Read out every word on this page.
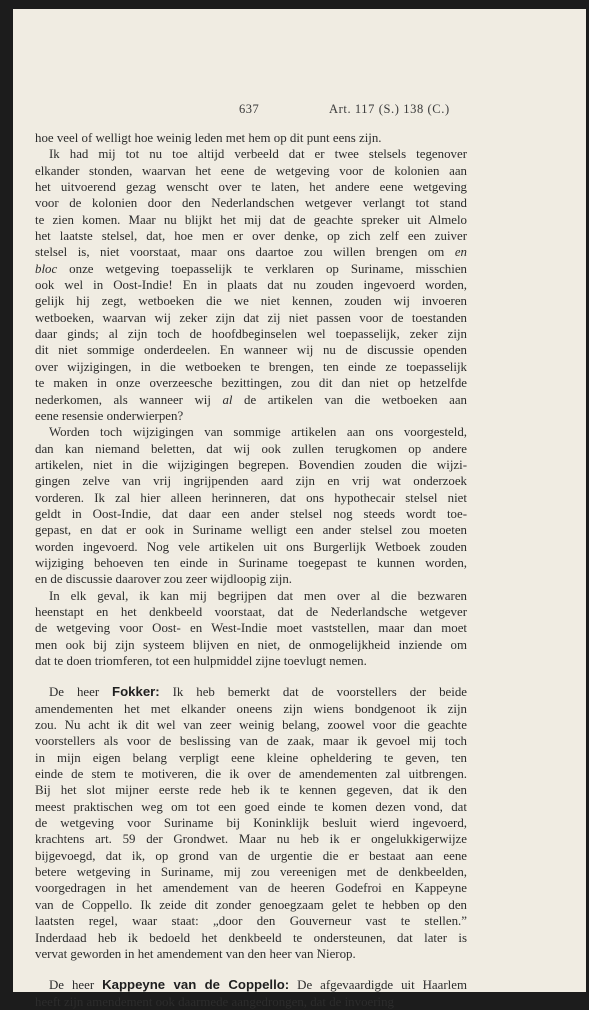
637	Art. 117 (S.) 138 (C.)
hoe veel of welligt hoe weinig leden met hem op dit punt eens zijn.
Ik had mij tot nu toe altijd verbeeld dat er twee stelsels tegenover
elkander stonden, waarvan het eene de wetgeving voor de kolonien aan
het uitvoerend gezag wenscht over te laten, het andere eene wetgeving
voor de kolonien door den Nederlandschen wetgever verlangt tot stand
te zien komen. Maar nu blijkt het mij dat de geachte spreker uit Almelo
het laatste stelsel, dat, hoe men er over denke, op zich zelf een zuiver
stelsel is, niet voorstaat, maar ons daartoe zou willen brengen om en
bloc onze wetgeving toepasselijk te verklaren op Suriname, misschien
ook wel in Oost-Indie! En in plaats dat nu zouden ingevoerd worden,
gelijk hij zegt, wetboeken die we niet kennen, zouden wij invoeren
wetboeken, waarvan wij zeker zijn dat zij niet passen voor de toestanden
daar ginds; al zijn toch de hoofdbeginselen wel toepasselijk, zeker zijn
dit niet sommige onderdeelen. En wanneer wij nu de discussie openden
over wijzigingen, in die wetboeken te brengen, ten einde ze toepasselijk
te maken in onze overzeesche bezittingen, zou dit dan niet op hetzelfde
nederkomen, als wanneer wij al de artikelen van die wetboeken aan
eene resensie onderwierpen?
Worden toch wijzigingen van sommige artikelen aan ons voorgesteld,
dan kan niemand beletten, dat wij ook zullen terugkomen op andere
artikelen, niet in die wijzigingen begrepen. Bovendien zouden die wijzi-
gingen zelve van vrij ingrijpenden aard zijn en vrij wat onderzoek
vorderen. Ik zal hier alleen herinneren, dat ons hypothecair stelsel niet
geldt in Oost-Indie, dat daar een ander stelsel nog steeds wordt toe-
gepast, en dat er ook in Suriname welligt een ander stelsel zou moeten
worden ingevoerd. Nog vele artikelen uit ons Burgerlijk Wetboek zouden
wijziging behoeven ten einde in Suriname toegepast te kunnen worden,
en de discussie daarover zou zeer wijdloopig zijn.
In elk geval, ik kan mij begrijpen dat men over al die bezwaren
heenstapt en het denkbeeld voorstaat, dat de Nederlandsche wetgever
de wetgeving voor Oost- en West-Indie moet vaststellen, maar dan moet
men ook bij zijn systeem blijven en niet, de onmogelijkheid inziende om
dat te doen triomferen, tot een hulpmiddel zijne toevlugt nemen.
De heer Fokker: Ik heb bemerkt dat de voorstellers der beide
amendementen het met elkander oneens zijn wiens bondgenoot ik zijn
zou. Nu acht ik dit wel van zeer weinig belang, zoowel voor die geachte
voorstellers als voor de beslissing van de zaak, maar ik gevoel mij toch
in mijn eigen belang verpligt eene kleine opheldering te geven, ten
einde de stem te motiveren, die ik over de amendementen zal uitbrengen.
Bij het slot mijner eerste rede heb ik te kennen gegeven, dat ik den
meest praktischen weg om tot een goed einde te komen dezen vond, dat
de wetgeving voor Suriname bij Koninklijk besluit wierd ingevoerd,
krachtens art. 59 der Grondwet. Maar nu heb ik er ongelukkigerwijze
bijgevoegd, dat ik, op grond van de urgentie die er bestaat aan eene
betere wetgeving in Suriname, mij zou vereenigen met de denkbeelden,
voorgedragen in het amendement van de heeren Godefroi en Kappeyne
van de Coppello. Ik zeide dit zonder genoegzaam gelet te hebben op den
laatsten regel, waar staat: „door den Gouverneur vast te stellen.”
Inderdaad heb ik bedoeld het denkbeeld te ondersteunen, dat later is
vervat geworden in het amendement van den heer van Nierop.
De heer Kappeyne van de Coppello: De afgevaardigde uit Haarlem
heeft zijn amendement ook daarmede aangedrongen, dat de invoering
